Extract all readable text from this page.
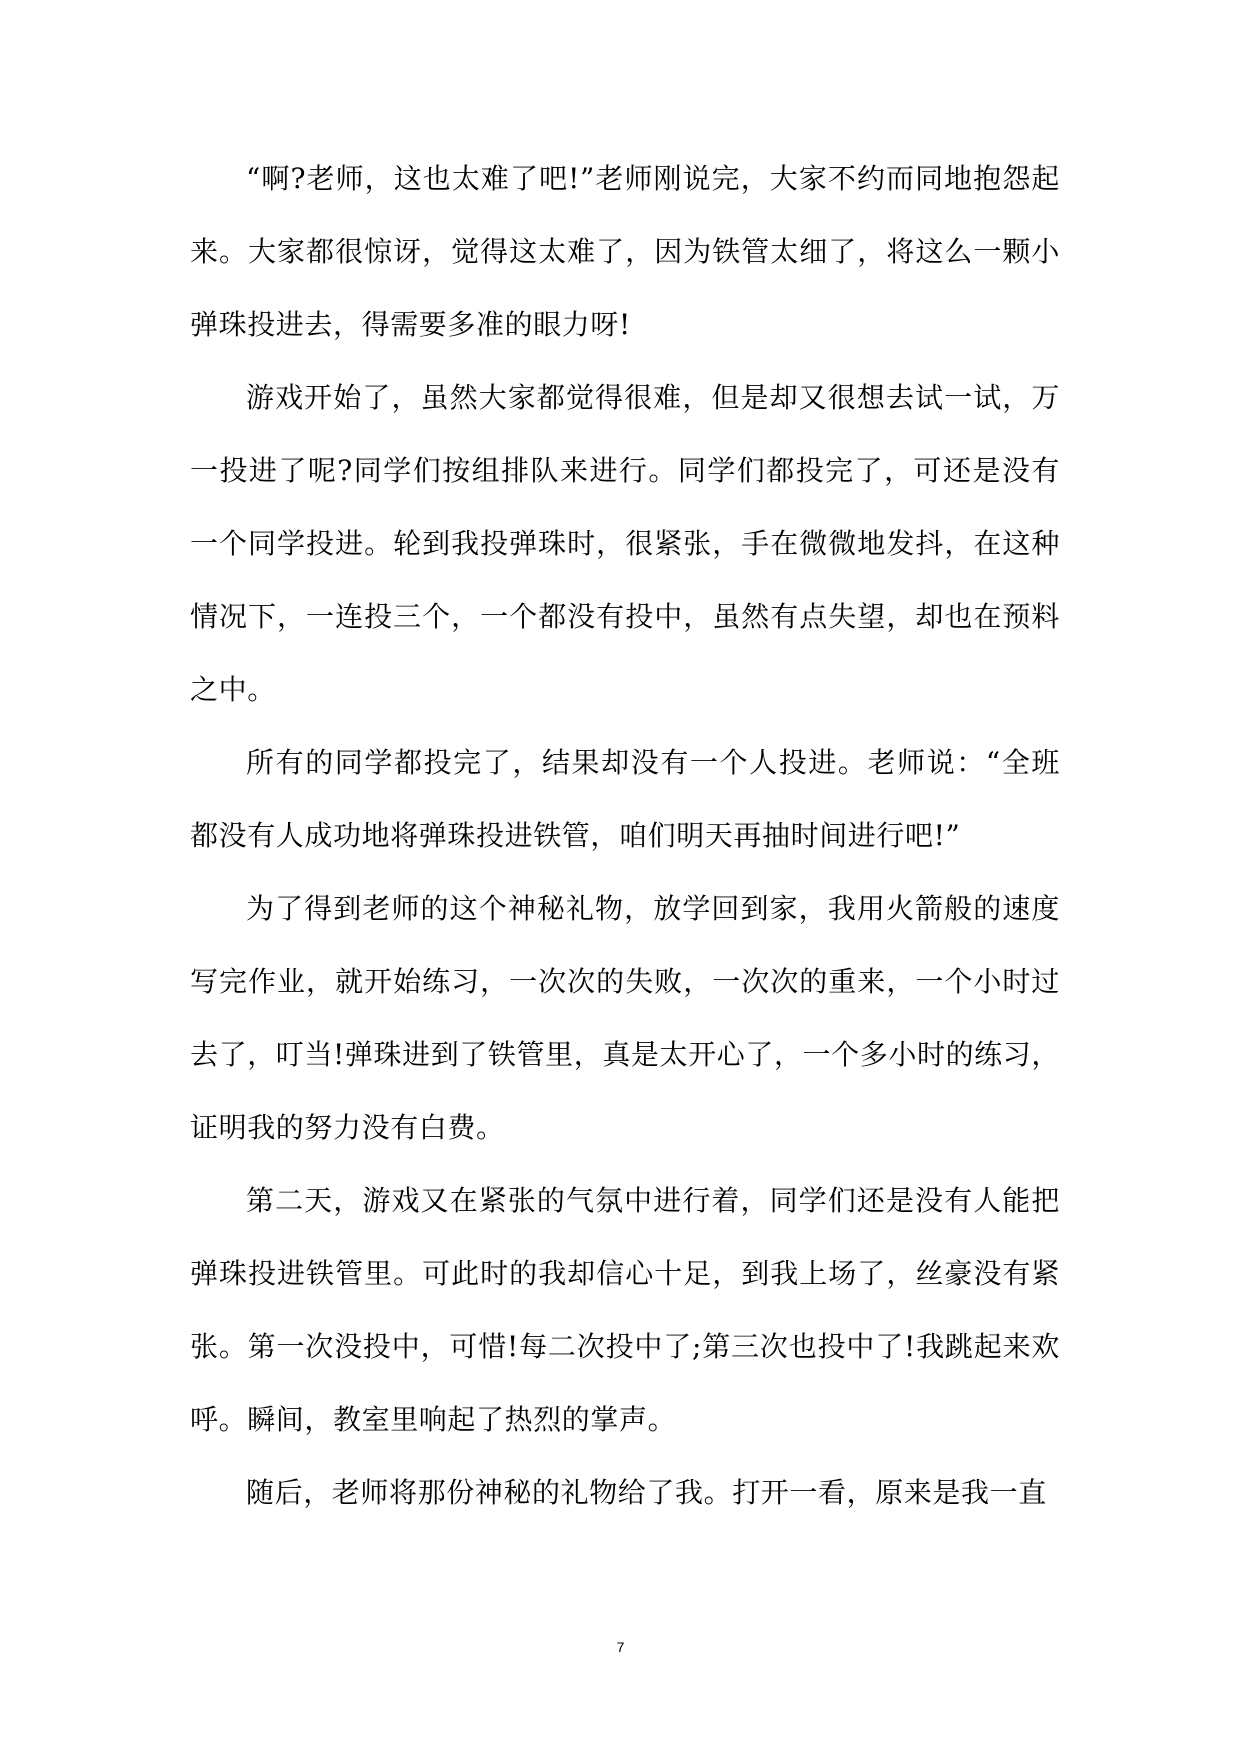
“啊?老师，这也太难了吧!”老师刚说完，大家不约而同地抱怨起来。大家都很惊讶，觉得这太难了，因为铁管太细了，将这么一颗小弹珠投进去，得需要多准的眼力呀!

游戏开始了，虽然大家都觉得很难，但是却又很想去试一试，万一投进了呢?同学们按组排队来进行。同学们都投完了，可还是没有一个同学投进。轮到我投弹珠时，很紧张，手在微微地发抖，在这种情况下，一连投三个，一个都没有投中，虽然有点失望，却也在预料之中。

所有的同学都投完了，结果却没有一个人投进。老师说：“全班都没有人成功地将弹珠投进铁管，咱们明天再抽时间进行吧!”

为了得到老师的这个神秘礼物，放学回到家，我用火箭般的速度写完作业，就开始练习，一次次的失败，一次次的重来，一个小时过去了，叮当!弹珠进到了铁管里，真是太开心了，一个多小时的练习，证明我的努力没有白费。

第二天，游戏又在紧张的气氛中进行着，同学们还是没有人能把弹珠投进铁管里。可此时的我却信心十足，到我上场了，丝豪没有紧张。第一次没投中，可惜!每二次投中了;第三次也投中了!我跳起来欢呼。瞬间，教室里响起了热烈的掌声。

随后，老师将那份神秘的礼物给了我。打开一看，原来是我一直

7
